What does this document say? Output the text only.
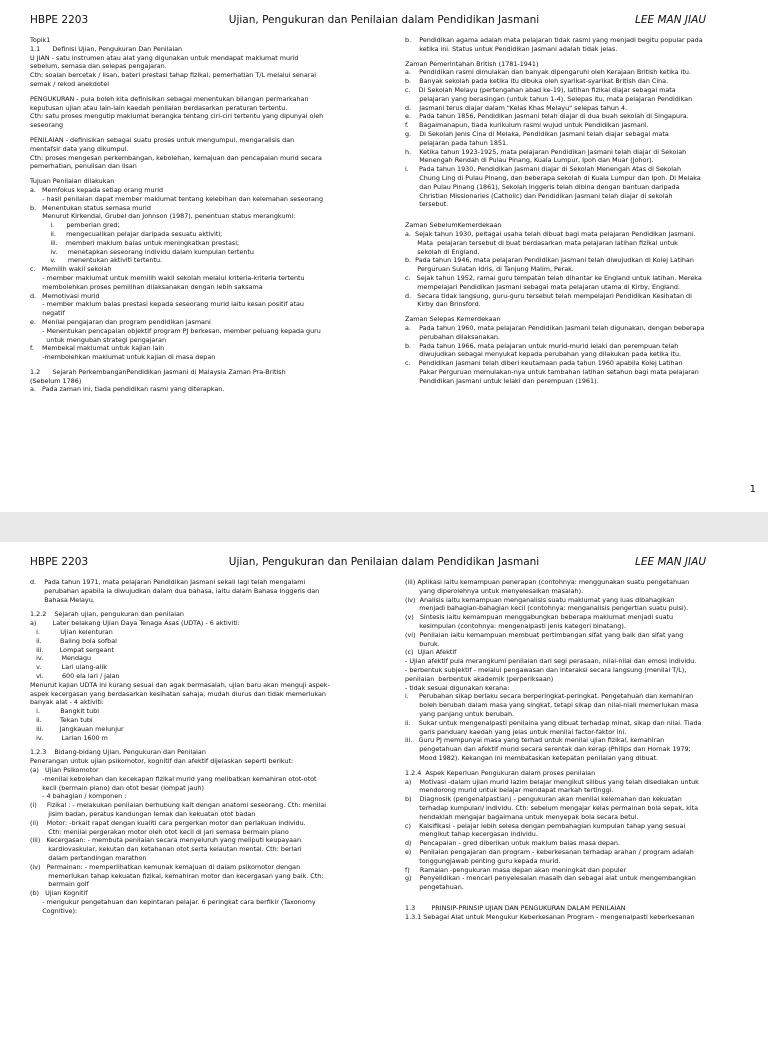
HBPE 2203	Ujian, Pengukuran dan Penilaian dalam Pendidikan Jasmani	LEE MAN JIAU
Topik1
1.1      Definisi Ujian, Pengukuran Dan Penilaian
U JIAN - satu instrumen atau alat yang digunakan untuk mendapat maklumat murid
sebelum, semasa dan selepas pengajaran.
Cth: soalan bercetak / lisan, bateri prestasi tahap fizikal, pemerhatian T/L melalui senarai
semak / rekod anekdotel
PENGUKURAN - pula boleh kita definisikan sebagai menentukan bilangan permarkahan
keputusan ujian atau lain-lain kaedah penilaian berdasarkan peraturan tertentu.
Cth: satu proses mengutip maklumat berangka tentang ciri-ciri tertentu yang dipunyai oleh
seseorang
PENILAIAN - definisikan sebagai suatu proses untuk mengumpul, mengaralisis dan
mentafsir data yang dikumpul.
Cth: proses mengesan perkembangan, kebolehan, kemajuan dan pencapaian murid secara
pemerhatian, penulisan dan lisan
Tujuan Penilaian dilakukan
a.   Memfokus kepada setiap orang murid
- hasil penilaian dapat member maklumat tentang kelebihan dan kelemahan seseorang
b.   Menentukan status semasa murid
Menurut Kirkendal, Grubel dan Johnson (1987), penentuan status merangkumi:
i.      pemberian gred;
ii.     mengecualikan pelajar daripada sesuatu aktiviti;
iii.    memberi maklum balas untuk meningkatkan prestasi;
iv.     menetapkan seseorang individu dalam kumpulan tertentu
v.      menentukan aktiviti tertentu.
c.   Memilih wakil sekolah
- member maklumat untuk memilih wakil sekolah melalui kriteria-kriteria tertentu
membolehkan proses pemilihan dilaksanakan dengan lebih saksama
d.   Memotivasi murid
- member maklum balas prestasi kepada seseorang murid iaitu kesan positif atau
negatif
e.   Menilai pengajaran dan program pendidikan jasmani
- Menentukan pencapaian objektif program PJ berkesan, member peluang kepada guru
untuk mengubah strategi pengajaran
f.    Membekal maklumat untuk kajian lain
-membolehkan maklumat untuk kajian di masa depan
1.2      Sejarah PerkembanganPendidikan Jasmani di Malaysia Zaman Pra-British
(Sebelum 1786)
a.   Pada zaman ini, tiada pendidikan rasmi yang diterapkan.
b.    Pendidikan agama adalah mata pelajaran tidak rasmi yang menjadi begitu popular pada
ketika ini. Status untuk Pendidikan Jasmani adalah tidak jelas.
Zaman Pemerintahan British (1781-1941)
a.    Pendidikan rasmi dimulakan dan banyak dipengaruhi oleh Kerajaan British ketika itu.
b.    Banyak sekolah pada ketika itu dibuka oleh syarikat-syarikat British dan Cina.
c.    Di Sekolah Melayu (pertengahan abad ke-19), latihan fizikal diajar sebagai mata
pelajaran yang berasingan (untuk tahun 1-4). Selepas itu, mata pelajaran Pendidikan
d.    Jasmani terus diajar dalam "Kelas Khas Melayu" selepas tahun 4.
e.    Pada tahun 1856, Pendidikan Jasmani telah diajar di dua buah sekolah di Singapura.
f.     Bagaimanapun, tiada kurikulum rasmi wujud untuk Pendidikan Jasmani.
g.    Di Sekolah Jenis Cina di Melaka, Pendidikan Jasmani telah diajar sebagai mata
pelajaran pada tahun 1851.
h.    Ketika tahun 1923-1925, mata pelajaran Pendidikan Jasmani telah diajar di Sekolah
Menengah Rendah di Pulau Pinang, Kuala Lumpur, Ipoh dan Muar (Johor).
i.     Pada tahun 1930, Pendidikan Jasmani diajar di Sekolah Menengah Atas di Sekolah
Chung Ling di Pulau Pinang, dan beberapa sekolah di Kuala Lumpur dan Ipoh. Di Melaka
dan Pulau Pinang (1861), Sekolah Inggeris telah dibina dengan bantuan daripada
Christian Missionaries (Catholic) dan Pendidikan Jasmani telah diajar di sekolah
tersebut.
Zaman SebelumKemerdekaan
a.  Sejak tahun 1930, peltagai usaha telah dibuat bagi mata pelajaran Pendidikan Jasmani.
Mata  pelajaran tersebut di buat berdasarkan mata pelajaran latihan fizikal untuk
sekolah di England.
b.  Pada tahun 1946, mata pelajaran Pendidikan Jasmani telah diwujudkan di Kolej Latihan
Perguruan Sulatan Idris, di Tanjung Malim, Perak.
c.   Sejak tahun 1952, ramai guru tempatan telah dihantar ke England untuk latihan. Mereka
mempelajari Pendidikan Jasmani sebagai mata pelajaran utama di Kirby, England.
d.   Secara tidak langsung, guru-guru tersebut telah mempelajari Pendidikan Kesihatan di
Kirby dan Brinsford.
Zaman Selepas Kemerdekaan
a.    Pada tahun 1960, mata pelajaran Pendidikan Jasmani telah digunakan, dengan beberapa
perubahan dilaksanakan.
b.    Pada tahun 1966, mata pelajaran untuk murid-murid lelaki dan perempuan telah
diwujudkan sebagai menyukat kepada perubahan yang dilakukan pada ketika itu.
c.    Pendidikan Jasmani telah diberi keutamaan pada tahun 1960 apabila Kolej Latihan
Pakar Perguruan memulakan-nya untuk tambahan latihan setahun bagi mata pelajaran
Pendidikan Jasmani untuk lelaki dan perempuan (1961).
1
HBPE 2203	Ujian, Pengukuran dan Penilaian dalam Pendidikan Jasmani	LEE MAN JIAU
d.    Pada tahun 1971, mata pelajaran Pendidikan Jasmani sekali lagi telah mengalami
perubahan apabila ia diwujudkan dalam dua bahasa, iaitu dalam Bahasa Inggeris dan
Bahasa Melayu.
1.2.2    Sejarah ujian, pengukuran dan penilaian
a)        Later belakang Ujian Daya Tenaga Asas (UDTA) - 6 aktiviti:
i.          Ujian kelenturan
ii.         Baling bola sofbal
iii.        Lompat sergeant
iv.         Mendagu
v.          Lari ulang-alik
vi.         600 ela lari / jalan
Menurut kajian UDTA ini kurang sesuai dan agak bermasalah, ujian baru akan menguji aspek-
aspek kecergasan yang berdasarkan kesihatan sahaja, mudah diurus dan tidak memerlukan
banyak alat - 4 aktiviti:
i.          Bangkit tubi
ii.         Tekan tubi
iii.        Jangkauan melunjur
iv.         Larian 1600 m
1.2.3    Bidang-bidang Ujian, Pengukuran dan Penilaian
Penerangan untuk ujian psikomotor, kognitif dan afektif dijelaskan seperti berikut:
(a)   Ujian Psikomotor
-menilai kebolehan dan kecekapan fizikal murid yang melibatkan kemahiran otot-otot
kecil (bermain piano) dan otot besar (lompat jauh)
- 4 bahagian / komponen :
(i)     Fizikal : - melakukan penilaian berhubung kait dengan anatomi seseorang. Cth: menilai
jisim badan, peratus kandungan lemak dan kekuatan otot badan
(ii)    Motor: -brkait rapat dengan kualiti cara pergerkan motor dan perlakuan individu.
Cth: menilai pergerakan motor oleh otot kecil di jari semasa bermain piano
(iii)   Kecergasan: - membuta penilaian secara menyeluruh yang meliputi keupayaan
kardiovaskular, kekutan dan ketahanan otot serta kelautan mental. Cth: berlari
dalam pertandingan marathon
(iv)   Permainan: - memperlihatkan kemunak kemajuan di dalam psikomotor dengan
memerlukan tahap kekuatan fizikal, kemahiran motor dan kecergasan yang baik. Cth:
bermain golf
(b)   Ujian Kognitif
- mengukur pengetahuan dan kepintaran pelajar. 6 peringkat cara berfikir (Taxonomy
Cognitive):
(iii) Aplikasi iaitu kemampuan penerapan (contohnya: menggunakan suatu pengetahuan
yang diperolehnya untuk menyelesaikan masalah).
(iv)  Analisis iaitu kemampuan menganalisis suatu maklumat yang luas dibahagikan
menjadi bahagian-bahagian kecil (contohnya: menganalisis pengertian suatu puisi).
(v)   Sintesis iaitu kemampuan menggabungkan beberapa maklumat menjadi suatu
kesimpulan (contohnya: mengenalpasti jenis kategori binatang).
(vi)  Penilaian iaitu kemampuan membuat pertimbangan sifat yang baik dan sifat yang
buruk.
(c)  Ujian Afektif
- Ujian afektif pula merangkumi penilaian dari segi perasaan, nilai-nilai dan emosi individu.
- berbentuk subjektif - melalui pengawasan dan interaksi secara langsung (menilai T/L),
penilaian  berbentuk akademik (perperiksaan)
- tidak sesuai digunakan kerana:
i.     Perubahan sikap berlaku secara berperingkat-peringkat. Pengetahuan dan kemahiran
boleh berubah dalam masa yang singkat, tetapi sikap dan nilai-niali memerlukan masa
yang panjang untuk berubah.
ii.    Sukar untuk mengenalpasti penilaina yang dibuat terhadap minat, sikap dan nilai. Tiada
garis panduan/ kaedah yang jelas untuk menilai factor-faktor ini.
iii.   Guru PJ mempunyai masa yang terhad untuk menilai ujian fizikal, kemahiran
pengetahuan dan afektif murid secara serentak dan kerap (Philips dan Hornak 1979;
Mood 1982). Kekangan ini membataskan ketepatan penilaian yang dibuat.
1.2.4  Aspek Keperluan Pengukuran dalam proses penilaian
a)    Motivasi -dalam ujian murid lazim belajar mengikut silibus yang telah disediakan untuk
mendorong murid untuk belajar mendapat markah tertinggi.
b)    Diagnosik (pengenalpastian) - pengukuran akan menilai kelemahan dan kekuatan
terhadap kumpulan/ individu. Cth: sebelum mengajar kelas permainan bola sepak, kita
hendaklah mengajar bagaimana untuk menyepak bola secara betul.
c)    Kalsifikasi - pelajar lebih selesa dengan pembahagian kumpulan tahap yang sesuai
mengikut tahap kecergasan individu.
d)    Pencapaian - gred diberikan untuk maklum balas masa depan.
e)    Penilaian pengajaran dan program - keberkesanan terhadap arahan / program adalah
tonggungjawab penting guru kepada murid.
f)     Ramalan -pengukuran masa depan akan meningkat dan populer
g)    Penyelidikan - mencari penyelesaian masalh dan sebagai alat untuk mengembangkan
pengetahuan.
1.3        PRINSIP-PRINSIP UJIAN DAN PENGUKURAN DALAM PENILAIAN
1.3.1 Sebagai Alat untuk Mengukur Keberkesanan Program - mengenalpasti keberkesanan
